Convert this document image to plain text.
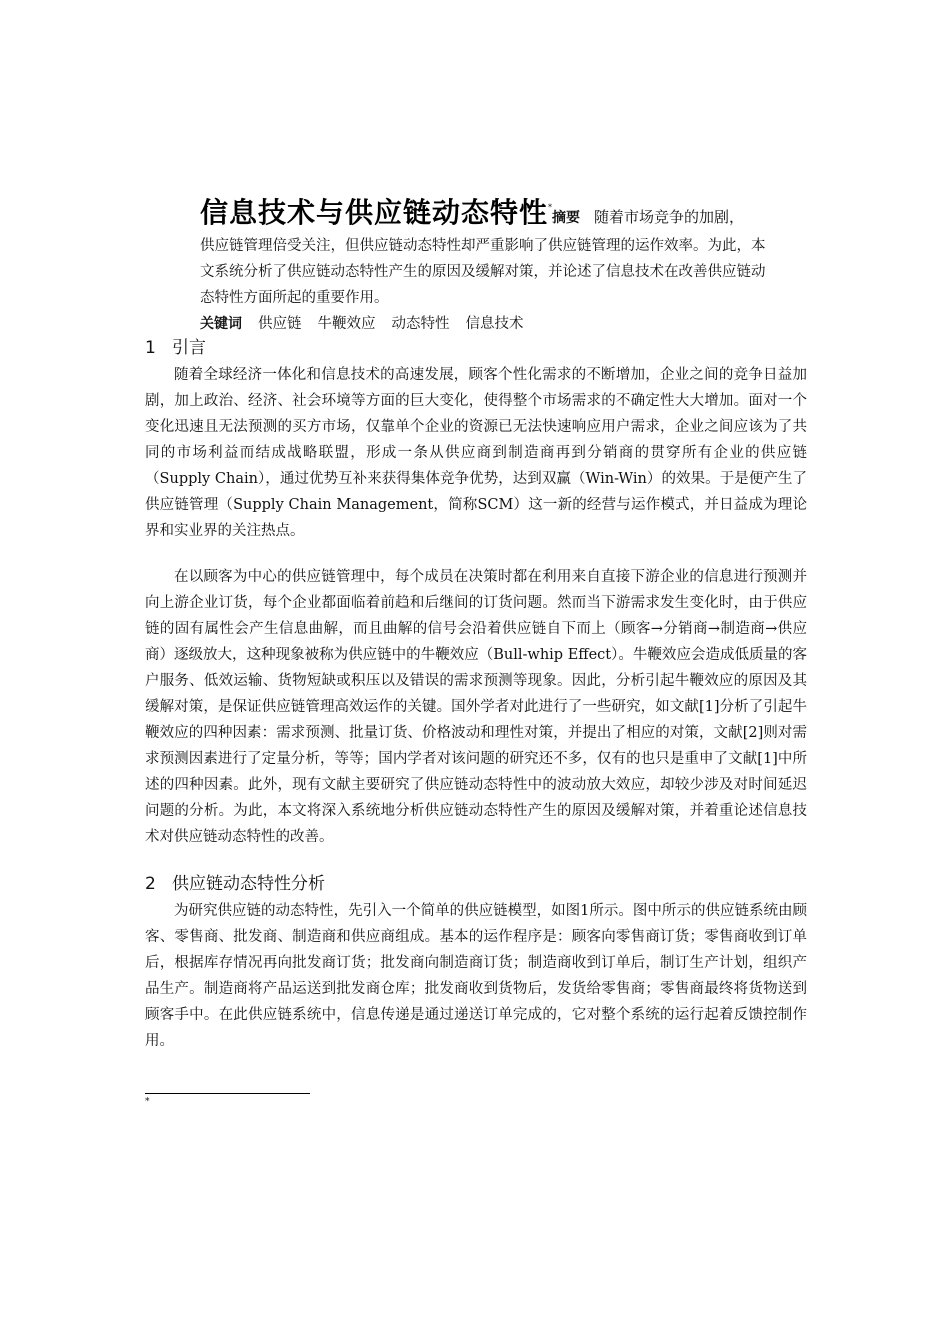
信息技术与供应链动态特性*摘要 随着市场竞争的加剧，
供应链管理倍受关注，但供应链动态特性却严重影响了供应链管理的运作效率。为此，本文系统分析了供应链动态特性产生的原因及缓解对策，并论述了信息技术在改善供应链动态特性方面所起的重要作用。
关键词 供应链 牛鞭效应 动态特性 信息技术
1 引言

随着全球经济一体化和信息技术的高速发展，顾客个性化需求的不断增加，企业之间的竞争日益加剧，加上政治、经济、社会环境等方面的巨大变化，使得整个市场需求的不确定性大大增加。面对一个变化迅速且无法预测的买方市场，仅靠单个企业的资源已无法快速响应用户需求，企业之间应该为了共同的市场利益而结成战略联盟，形成一条从供应商到制造商再到分销商的贯穿所有企业的供应链（Supply Chain），通过优势互补来获得集体竞争优势，达到双赢（Win-Win）的效果。于是便产生了供应链管理（Supply Chain Management，简称SCM）这一新的经营与运作模式，并日益成为理论界和实业界的关注热点。

在以顾客为中心的供应链管理中，每个成员在决策时都在利用来自直接下游企业的信息进行预测并向上游企业订货，每个企业都面临着前趋和后继间的订货问题。然而当下游需求发生变化时，由于供应链的固有属性会产生信息曲解，而且曲解的信号会沿着供应链自下而上（顾客→分销商→制造商→供应商）逐级放大，这种现象被称为供应链中的牛鞭效应（Bull-whip Effect）。牛鞭效应会造成低质量的客户服务、低效运输、货物短缺或积压以及错误的需求预测等现象。因此，分析引起牛鞭效应的原因及其缓解对策，是保证供应链管理高效运作的关键。国外学者对此进行了一些研究，如文献[1]分析了引起牛鞭效应的四种因素：需求预测、批量订货、价格波动和理性对策，并提出了相应的对策，文献[2]则对需求预测因素进行了定量分析，等等；国内学者对该问题的研究还不多，仅有的也只是重申了文献[1]中所述的四种因素。此外，现有文献主要研究了供应链动态特性中的波动放大效应，却较少涉及对时间延迟问题的分析。为此，本文将深入系统地分析供应链动态特性产生的原因及缓解对策，并着重论述信息技术对供应链动态特性的改善。

2 供应链动态特性分析

为研究供应链的动态特性，先引入一个简单的供应链模型，如图1所示。图中所示的供应链系统由顾客、零售商、批发商、制造商和供应商组成。基本的运作程序是：顾客向零售商订货；零售商收到订单后，根据库存情况再向批发商订货；批发商向制造商订货；制造商收到订单后，制订生产计划，组织产品生产。制造商将产品运送到批发商仓库；批发商收到货物后，发货给零售商；零售商最终将货物送到顾客手中。在此供应链系统中，信息传递是通过递送订单完成的，它对整个系统的运行起着反馈控制作用。

*
